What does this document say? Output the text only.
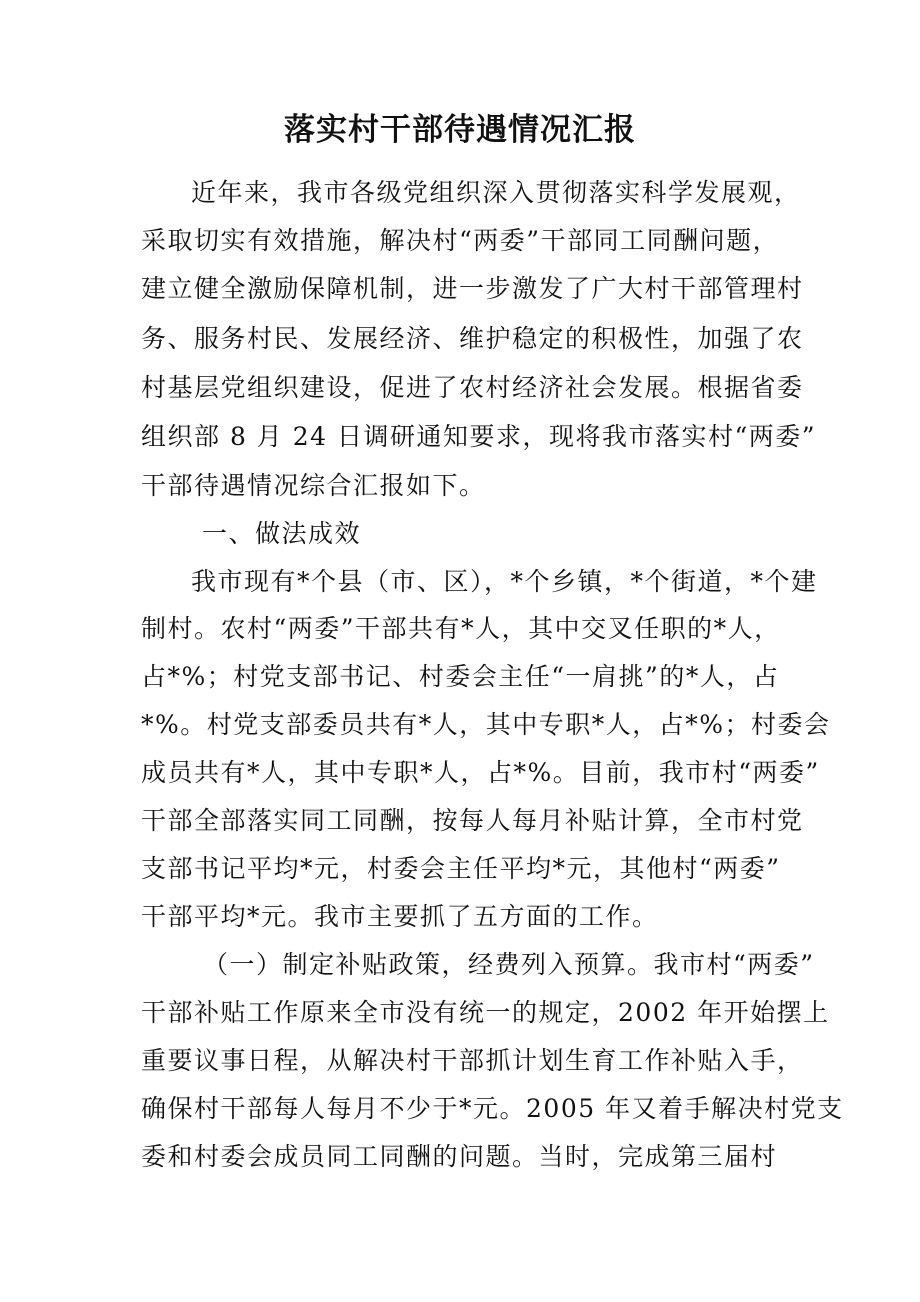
落实村干部待遇情况汇报

近年来，我市各级党组织深入贯彻落实科学发展观，

采取切实有效措施，解决村“两委”干部同工同酬问题，

建立健全激励保障机制，进一步激发了广大村干部管理村

务、服务村民、发展经济、维护稳定的积极性，加强了农

村基层党组织建设，促进了农村经济社会发展。根据省委

组织部 8 月 24 日调研通知要求，现将我市落实村“两委”

干部待遇情况综合汇报如下。

一、做法成效

我市现有*个县（市、区），*个乡镇，*个街道，*个建

制村。农村“两委”干部共有*人，其中交叉任职的*人，

占*%；村党支部书记、村委会主任“一肩挑”的*人，占

*%。村党支部委员共有*人，其中专职*人，占*%；村委会

成员共有*人，其中专职*人，占*%。目前，我市村“两委”

干部全部落实同工同酬，按每人每月补贴计算，全市村党

支部书记平均*元，村委会主任平均*元，其他村“两委”

干部平均*元。我市主要抓了五方面的工作。

（一）制定补贴政策，经费列入预算。我市村“两委”

干部补贴工作原来全市没有统一的规定，2002 年开始摆上

重要议事日程，从解决村干部抓计划生育工作补贴入手，

确保村干部每人每月不少于*元。2005 年又着手解决村党支

委和村委会成员同工同酬的问题。当时，完成第三届村
